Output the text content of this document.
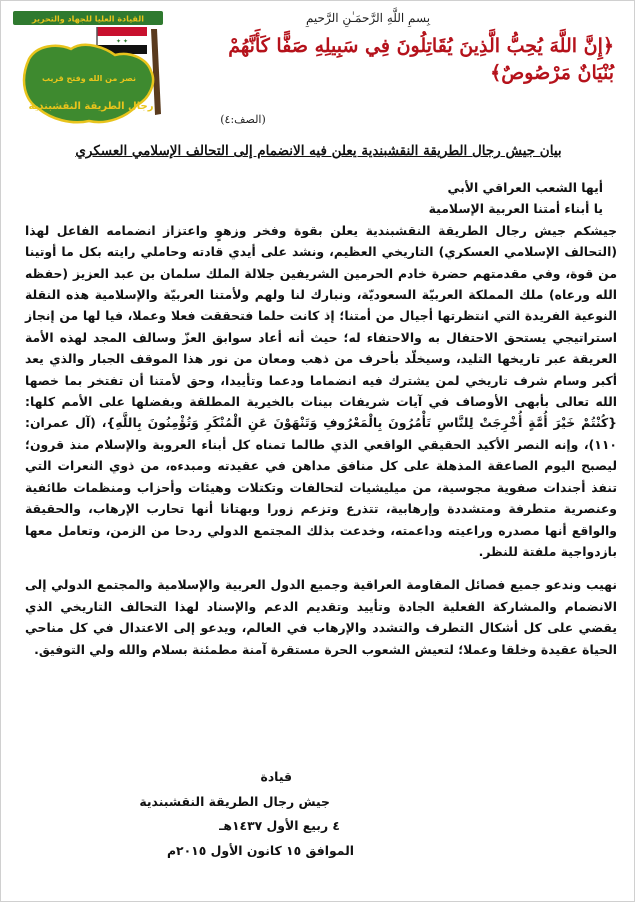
القيادة العليا للجهاد والتحرير
✦ ✦
نصر من الله وفتح قريب
رجال الطريقة النقشبندية
بِسمِ اللَّهِ الرَّحمَـٰنِ الرَّحيمِ
﴿إِنَّ اللَّهَ يُحِبُّ الَّذِينَ يُقَاتِلُونَ فِي سَبِيلِهِ صَفًّا كَأَنَّهُمْ بُنْيَانٌ مَرْصُوصٌ﴾
(الصف:٤)
بيان جيش رجال الطريقة النقشبندية يعلن فيه الانضمام إلى التحالف الإسلامي العسكري

أيها الشعب العراقي الأبي

يا أبناء أمتنا العربية الإسلامية

جيشكم جيش رجال الطريقة النقشبندية يعلن بقوة وفخر وزهوٍ واعتزاز انضمامه الفاعل لهذا (التحالف الإسلامي العسكري) التاريخي العظيم، ونشد على أيدي قادته وحاملي رايته بكل ما أوتينا من قوة، وفي مقدمتهم حضرة خادم الحرمين الشريفين جلالة الملك سلمان بن عبد العزيز (حفظه الله ورعاه) ملك المملكة العربيّة السعوديّة، ونبارك لنا ولهم ولأمتنا العربيّة والإسلامية هذه النقلة النوعية الفريدة التي انتظرتها أجيال من أمتنا؛ إذ كانت حلما فتحققت فعلا وعملا، فيا لها من إنجاز استراتيجي يستحق الاحتفال به والاحتفاء له؛ حيث أنه أعاد سوابق العزّ وسالف المجد لهذه الأمة العريقة عبر تاريخها التليد، وسيخلّد بأحرف من ذهب ومعان من نور هذا الموقف الجبار والذي يعد أكبر وسام شرف تاريخي لمن يشترك فيه انضماما ودعما وتأييدا، وحق لأمتنا أن تفتخر بما خصها الله تعالى بأبهى الأوصاف في آيات شريفات بينات بالخيرية المطلقة وبفضلها على الأمم كلها: {كُنْتُمْ خَيْرَ أُمَّةٍ أُخْرِجَتْ لِلنَّاسِ تَأْمُرُونَ بِالْمَعْرُوفِ وَتَنْهَوْنَ عَنِ الْمُنْكَرِ وَتُؤْمِنُونَ بِاللَّهِ}، (آل عمران: ١١٠)، وإنه النصر الأكيد الحقيقي الواقعي الذي طالما تمناه كل أبناء العروبة والإسلام منذ قرون؛ ليصبح اليوم الصاعقة المذهلة على كل منافق مداهن في عقيدته ومبدءه، من ذوي النعرات التي تنفذ أجندات صفوية مجوسية، من ميليشيات لتحالفات وتكتلات وهيئات وأحزاب ومنظمات طائفية وعنصرية متطرفة ومتشددة وإرهابية، تتذرع وتزعم زورا وبهتانا أنها تحارب الإرهاب، والحقيقة والواقع أنها مصدره وراعيته وداعمته، وخدعت بذلك المجتمع الدولي ردحا من الزمن، وتعامل معها بازدواجية ملفتة للنظر.

نهيب وندعو جميع فصائل المقاومة العراقية وجميع الدول العربية والإسلامية والمجتمع الدولي إلى الانضمام والمشاركة الفعلية الجادة وتأييد وتقديم الدعم والإسناد لهذا التحالف التاريخي الذي يقضي على كل أشكال التطرف والتشدد والإرهاب في العالم، ويدعو إلى الاعتدال في كل مناحي الحياة عقيدة وخلقا وعملا؛ لتعيش الشعوب الحرة مستقرة آمنة مطمئنة بسلام والله ولي التوفيق.

قيادة
جيش رجال الطريقة النقشبندية
٤ ربيع الأول ١٤٣٧هـ
الموافق ١٥ كانون الأول ٢٠١٥م
